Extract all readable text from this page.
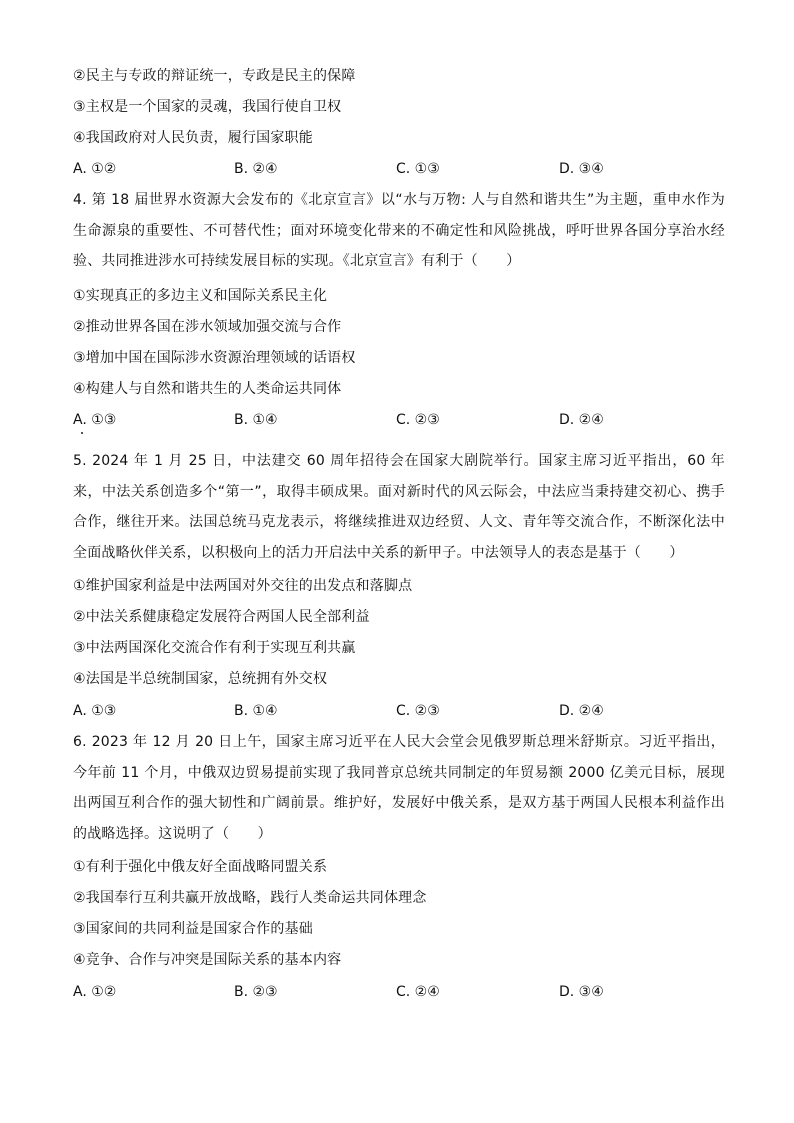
②民主与专政的辩证统一，专政是民主的保障
③主权是一个国家的灵魂，我国行使自卫权
④我国政府对人民负责，履行国家职能
A. ①②	B. ②④	C. ①③	D. ③④
4. 第 18 届世界水资源大会发布的《北京宣言》以“水与万物: 人与自然和谐共生”为主题，重申水作为生命源泉的重要性、不可替代性；面对环境变化带来的不确定性和风险挑战，呼吁世界各国分享治水经验、共同推进涉水可持续发展目标的实现。《北京宣言》有利于（　　）
①实现真正的多边主义和国际关系民主化
②推动世界各国在涉水领域加强交流与合作
③增加中国在国际涉水资源治理领域的话语权
④构建人与自然和谐共生的人类命运共同体
A. ①③	B. ①④	C. ②③	D. ②④
5. 2024 年 1 月 25 日，中法建交 60 周年招待会在国家大剧院举行。国家主席习近平指出，60 年来，中法关系创造多个“第一”，取得丰硕成果。面对新时代的风云际会，中法应当秉持建交初心、携手合作，继往开来。法国总统马克龙表示，将继续推进双边经贸、人文、青年等交流合作，不断深化法中全面战略伙伴关系，以积极向上的活力开启法中关系的新甲子。中法领导人的表态是基于（　　）
①维护国家利益是中法两国对外交往的出发点和落脚点
②中法关系健康稳定发展符合两国人民全部利益
③中法两国深化交流合作有利于实现互利共赢
④法国是半总统制国家，总统拥有外交权
A. ①③	B. ①④	C. ②③	D. ②④
6. 2023 年 12 月 20 日上午，国家主席习近平在人民大会堂会见俄罗斯总理米舒斯京。习近平指出，今年前 11 个月，中俄双边贸易提前实现了我同普京总统共同制定的年贸易额 2000 亿美元目标，展现出两国互利合作的强大韧性和广阔前景。维护好，发展好中俄关系，是双方基于两国人民根本利益作出的战略选择。这说明了（　　）
①有利于强化中俄友好全面战略同盟关系
②我国奉行互利共赢开放战略，践行人类命运共同体理念
③国家间的共同利益是国家合作的基础
④竞争、合作与冲突是国际关系的基本内容
A. ①②	B. ②③	C. ②④	D. ③④
